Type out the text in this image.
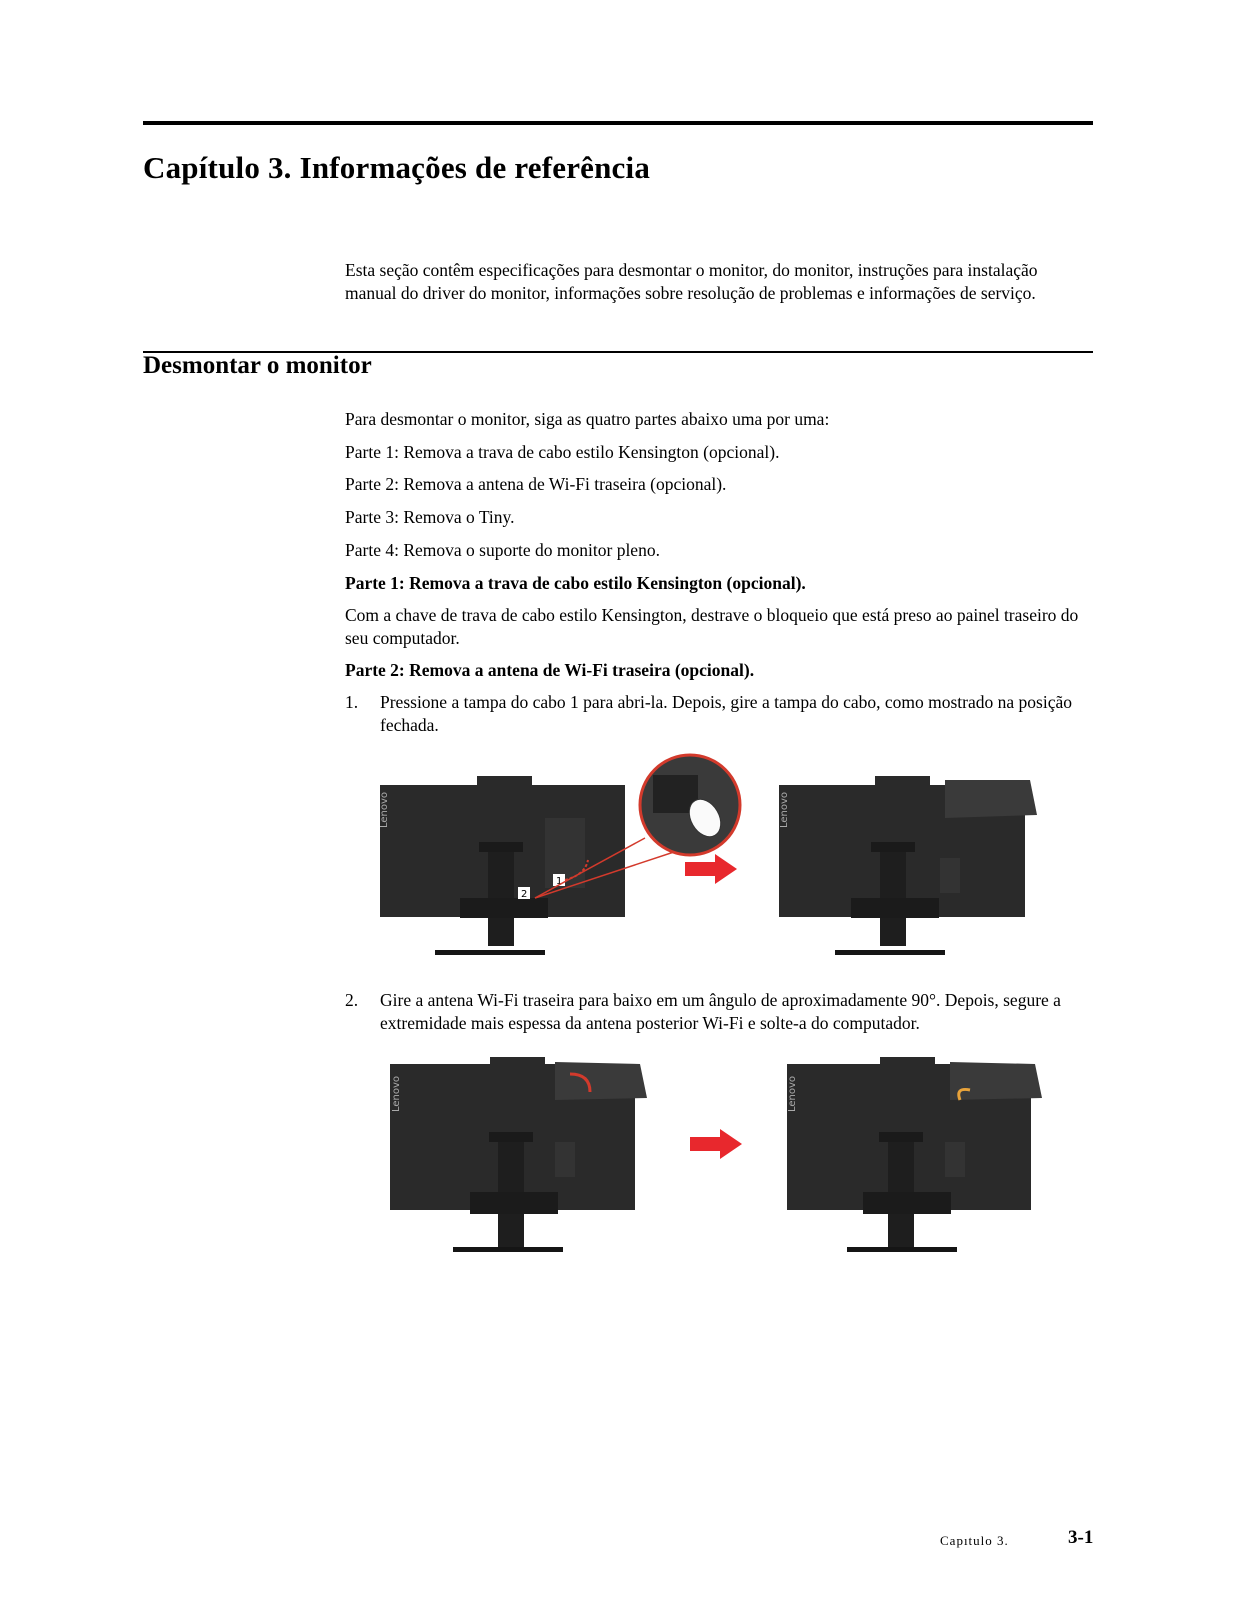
Capítulo 3. Informações de referência
Esta seção contêm especificações para desmontar o monitor, do monitor, instruções para instalação manual do driver do monitor, informações sobre resolução de problemas e informações de serviço.
Desmontar o monitor

Para desmontar o monitor, siga as quatro partes abaixo uma por uma:

Parte 1: Remova a trava de cabo estilo Kensington (opcional).

Parte 2: Remova a antena de Wi-Fi traseira (opcional).

Parte 3: Remova o Tiny.

Parte 4: Remova o suporte do monitor pleno.

Parte 1: Remova a trava de cabo estilo Kensington (opcional).

Com a chave de trava de cabo estilo Kensington, destrave o bloqueio que está preso ao painel traseiro do seu computador.

Parte 2: Remova a antena de Wi-Fi traseira (opcional).

1. Pressione a tampa do cabo 1 para abri-la. Depois, gire a tampa do cabo, como mostrado na posição fechada.
Lenovo
2
1
Lenovo
2. Gire a antena Wi-Fi traseira para baixo em um ângulo de aproximadamente 90°. Depois, segure a extremidade mais espessa da antena posterior Wi-Fi e solte-a do computador.
Lenovo	Lenovo
Capıtulo 3.	3-1
